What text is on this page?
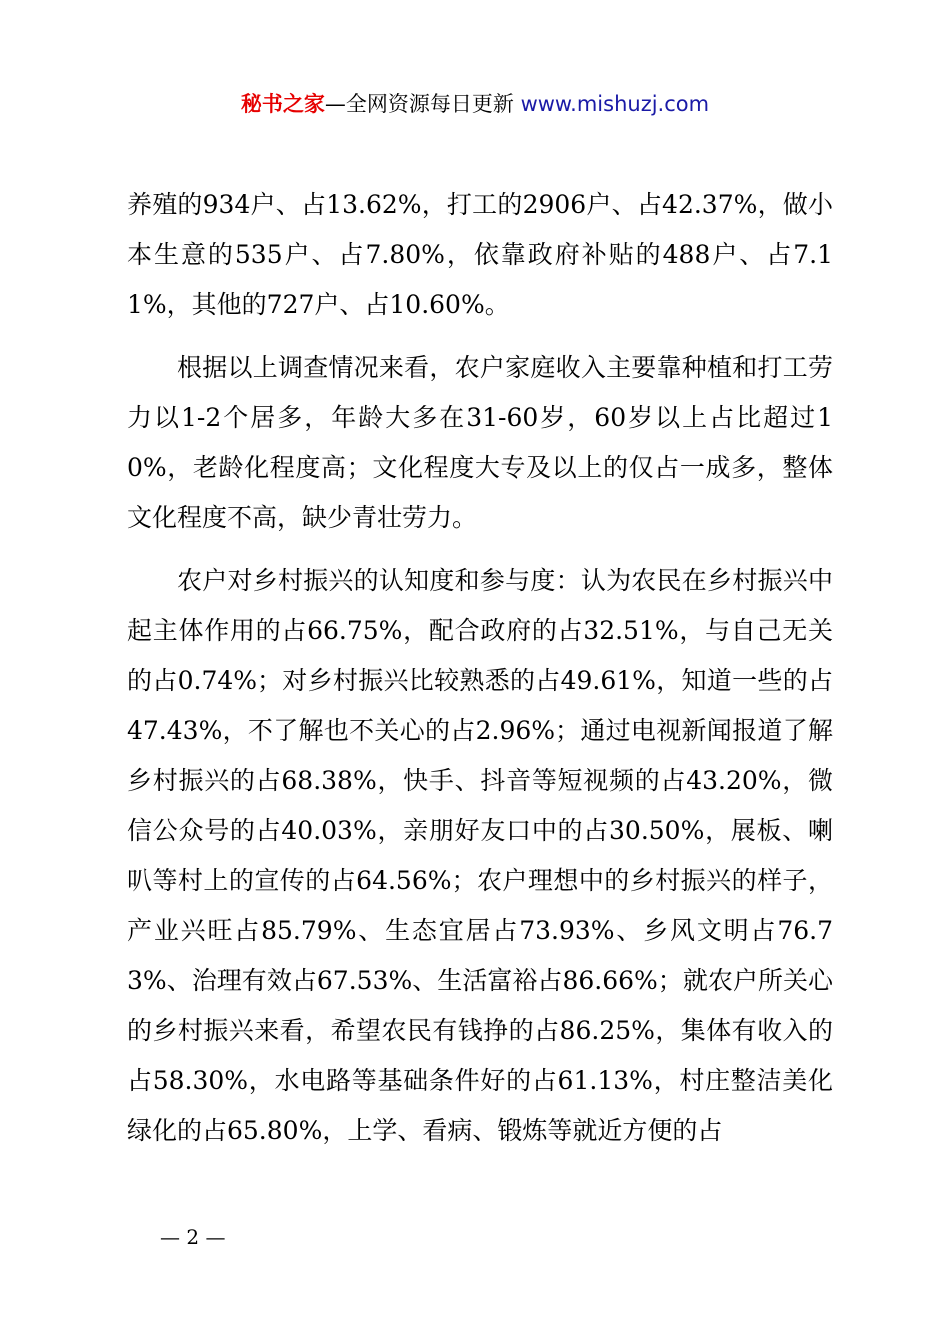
秘书之家—全网资源每日更新 www.mishuzj.com

养殖的934户、占13.62%，打工的2906户、占42.37%，做小本生意的535户、占7.80%，依靠政府补贴的488户、占7.11%，其他的727户、占10.60%。

根据以上调查情况来看，农户家庭收入主要靠种植和打工劳力以1-2个居多，年龄大多在31-60岁，60岁以上占比超过10%，老龄化程度高；文化程度大专及以上的仅占一成多，整体文化程度不高，缺少青壮劳力。

农户对乡村振兴的认知度和参与度：认为农民在乡村振兴中起主体作用的占66.75%，配合政府的占32.51%，与自己无关的占0.74%；对乡村振兴比较熟悉的占49.61%，知道一些的占47.43%，不了解也不关心的占2.96%；通过电视新闻报道了解乡村振兴的占68.38%，快手、抖音等短视频的占43.20%，微信公众号的占40.03%，亲朋好友口中的占30.50%，展板、喇叭等村上的宣传的占64.56%；农户理想中的乡村振兴的样子，产业兴旺占85.79%、生态宜居占73.93%、乡风文明占76.73%、治理有效占67.53%、生活富裕占86.66%；就农户所关心的乡村振兴来看，希望农民有钱挣的占86.25%，集体有收入的占58.30%，水电路等基础条件好的占61.13%，村庄整洁美化绿化的占65.80%，上学、看病、锻炼等就近方便的占

— 2 —
